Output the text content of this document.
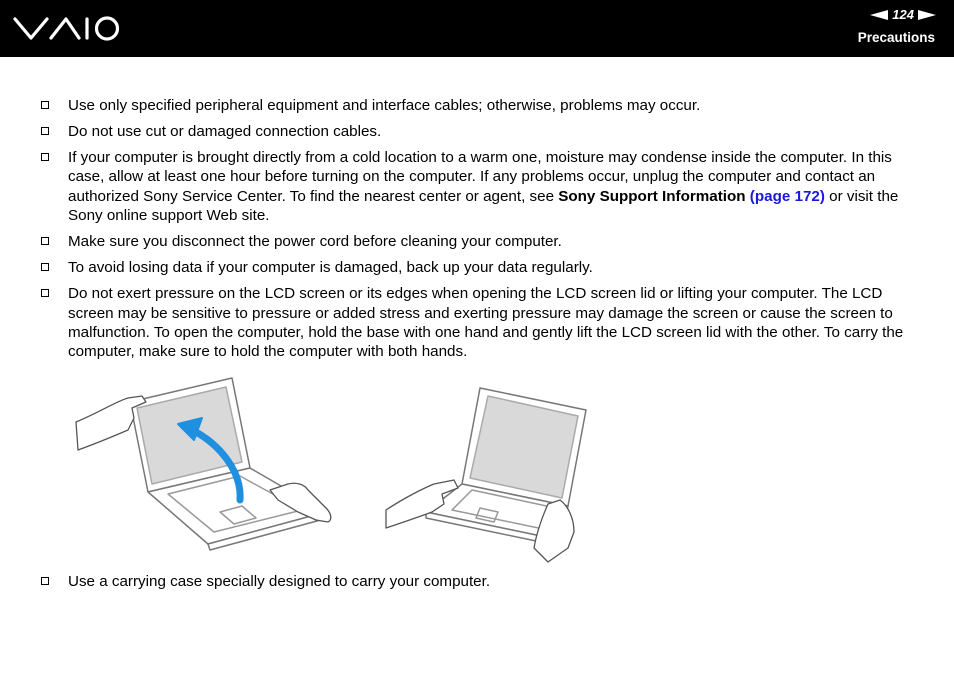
124
Precautions
Use only specified peripheral equipment and interface cables; otherwise, problems may occur.
Do not use cut or damaged connection cables.
If your computer is brought directly from a cold location to a warm one, moisture may condense inside the computer. In this case, allow at least one hour before turning on the computer. If any problems occur, unplug the computer and contact an authorized Sony Service Center. To find the nearest center or agent, see Sony Support Information (page 172) or visit the Sony online support Web site.
Make sure you disconnect the power cord before cleaning your computer.
To avoid losing data if your computer is damaged, back up your data regularly.
Do not exert pressure on the LCD screen or its edges when opening the LCD screen lid or lifting your computer. The LCD screen may be sensitive to pressure or added stress and exerting pressure may damage the screen or cause the screen to malfunction. To open the computer, hold the base with one hand and gently lift the LCD screen lid with the other. To carry the computer, make sure to hold the computer with both hands.
Use a carrying case specially designed to carry your computer.
